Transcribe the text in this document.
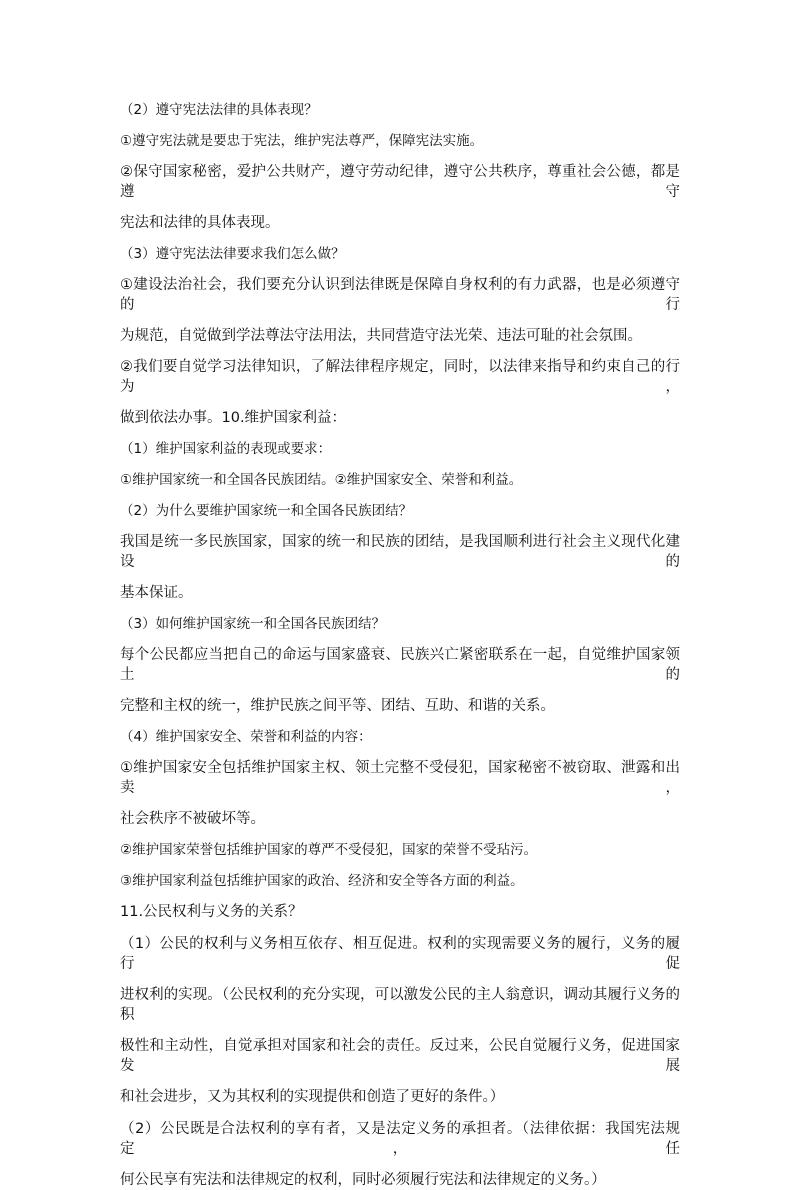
（2）遵守宪法法律的具体表现？

①遵守宪法就是要忠于宪法，维护宪法尊严，保障宪法实施。

②保守国家秘密，爱护公共财产，遵守劳动纪律，遵守公共秩序，尊重社会公德，都是遵守

宪法和法律的具体表现。

（3）遵守宪法法律要求我们怎么做？

①建设法治社会，我们要充分认识到法律既是保障自身权利的有力武器，也是必须遵守的行

为规范，自觉做到学法尊法守法用法，共同营造守法光荣、违法可耻的社会氛围。

②我们要自觉学习法律知识，了解法律程序规定，同时，以法律来指导和约束自己的行为，

做到依法办事。10.维护国家利益：

（1）维护国家利益的表现或要求：

①维护国家统一和全国各民族团结。②维护国家安全、荣誉和利益。

（2）为什么要维护国家统一和全国各民族团结？

我国是统一多民族国家，国家的统一和民族的团结，是我国顺利进行社会主义现代化建设的

基本保证。

（3）如何维护国家统一和全国各民族团结？

每个公民都应当把自己的命运与国家盛衰、民族兴亡紧密联系在一起，自觉维护国家领土的

完整和主权的统一，维护民族之间平等、团结、互助、和谐的关系。

（4）维护国家安全、荣誉和利益的内容：

①维护国家安全包括维护国家主权、领土完整不受侵犯，国家秘密不被窃取、泄露和出卖，

社会秩序不被破坏等。

②维护国家荣誉包括维护国家的尊严不受侵犯，国家的荣誉不受玷污。

③维护国家利益包括维护国家的政治、经济和安全等各方面的利益。

11.公民权利与义务的关系？

（1）公民的权利与义务相互依存、相互促进。权利的实现需要义务的履行，义务的履行促

进权利的实现。（公民权利的充分实现，可以激发公民的主人翁意识，调动其履行义务的积

极性和主动性，自觉承担对国家和社会的责任。反过来，公民自觉履行义务，促进国家发展

和社会进步，又为其权利的实现提供和创造了更好的条件。）

（2）公民既是合法权利的享有者，又是法定义务的承担者。（法律依据：我国宪法规定，任

何公民享有宪法和法律规定的权利，同时必须履行宪法和法律规定的义务。）
